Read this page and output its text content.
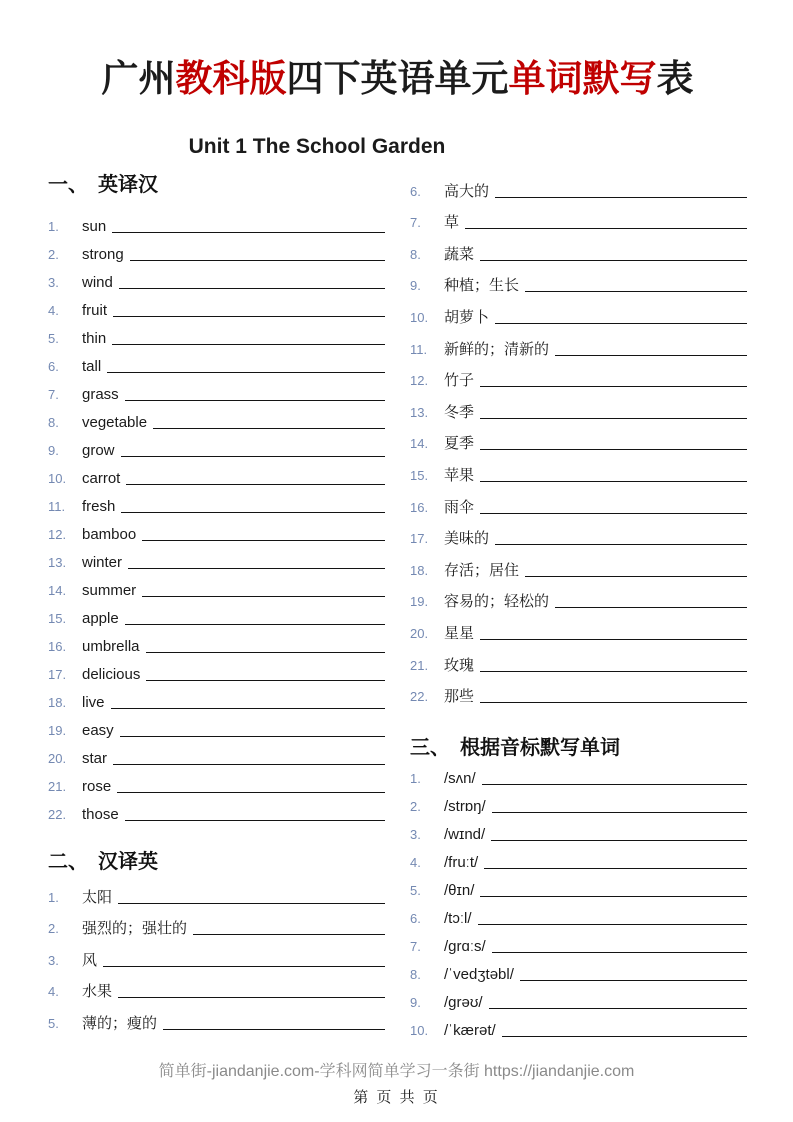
广州教科版四下英语单元单词默写表
Unit 1 The School Garden
一、　英译汉
1.	sun
2.	strong
3.	wind
4.	fruit
5.	thin
6.	tall
7.	grass
8.	vegetable
9.	grow
10.	carrot
11.	fresh
12.	bamboo
13.	winter
14.	summer
15.	apple
16.	umbrella
17.	delicious
18.	live
19.	easy
20.	star
21.	rose
22.	those
二、　汉译英
1.	太阳
2.	强烈的；强壮的
3.	风
4.	水果
5.	薄的；瘦的
6.	高大的
7.	草
8.	蔬菜
9.	种植；生长
10.	胡萝卜
11.	新鲜的；清新的
12.	竹子
13.	冬季
14.	夏季
15.	苹果
16.	雨伞
17.	美味的
18.	存活；居住
19.	容易的；轻松的
20.	星星
21.	玫瑰
22.	那些
三、　根据音标默写单词
1.	/sʌn/
2.	/strɒŋ/
3.	/wɪnd/
4.	/fruːt/
5.	/θɪn/
6.	/tɔːl/
7.	/ɡrɑːs/
8.	/ˈvedʒtəbl/
9.	/ɡrəʊ/
10.	/ˈkærət/
简单街-jiandanjie.com-学科网简单学习一条街 https://jiandanjie.com
第 页 共 页
